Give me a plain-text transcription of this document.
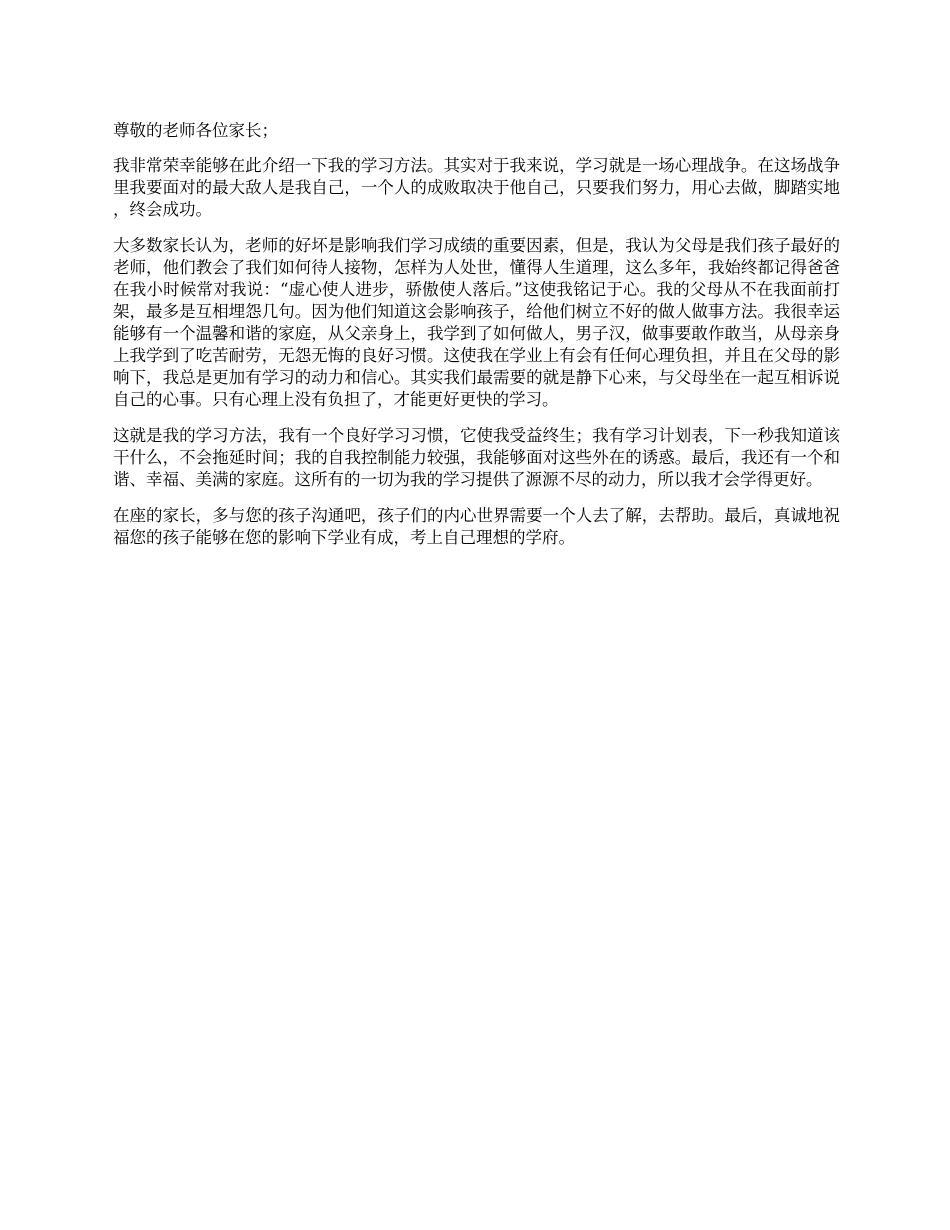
尊敬的老师各位家长；

我非常荣幸能够在此介绍一下我的学习方法。其实对于我来说，学习就是一场心理战争。在这场战争里我要面对的最大敌人是我自己，一个人的成败取决于他自己，只要我们努力，用心去做，脚踏实地，终会成功。

大多数家长认为，老师的好坏是影响我们学习成绩的重要因素，但是，我认为父母是我们孩子最好的老师，他们教会了我们如何待人接物，怎样为人处世，懂得人生道理，这么多年，我始终都记得爸爸在我小时候常对我说：“虚心使人进步，骄傲使人落后。”这使我铭记于心。我的父母从不在我面前打架，最多是互相埋怨几句。因为他们知道这会影响孩子，给他们树立不好的做人做事方法。我很幸运能够有一个温馨和谐的家庭，从父亲身上，我学到了如何做人，男子汉，做事要敢作敢当，从母亲身上我学到了吃苦耐劳，无怨无悔的良好习惯。这使我在学业上有会有任何心理负担，并且在父母的影响下，我总是更加有学习的动力和信心。其实我们最需要的就是静下心来，与父母坐在一起互相诉说自己的心事。只有心理上没有负担了，才能更好更快的学习。

这就是我的学习方法，我有一个良好学习习惯，它使我受益终生；我有学习计划表，下一秒我知道该干什么，不会拖延时间；我的自我控制能力较强，我能够面对这些外在的诱惑。最后，我还有一个和谐、幸福、美满的家庭。这所有的一切为我的学习提供了源源不尽的动力，所以我才会学得更好。

在座的家长，多与您的孩子沟通吧，孩子们的内心世界需要一个人去了解，去帮助。最后，真诚地祝福您的孩子能够在您的影响下学业有成，考上自己理想的学府。
